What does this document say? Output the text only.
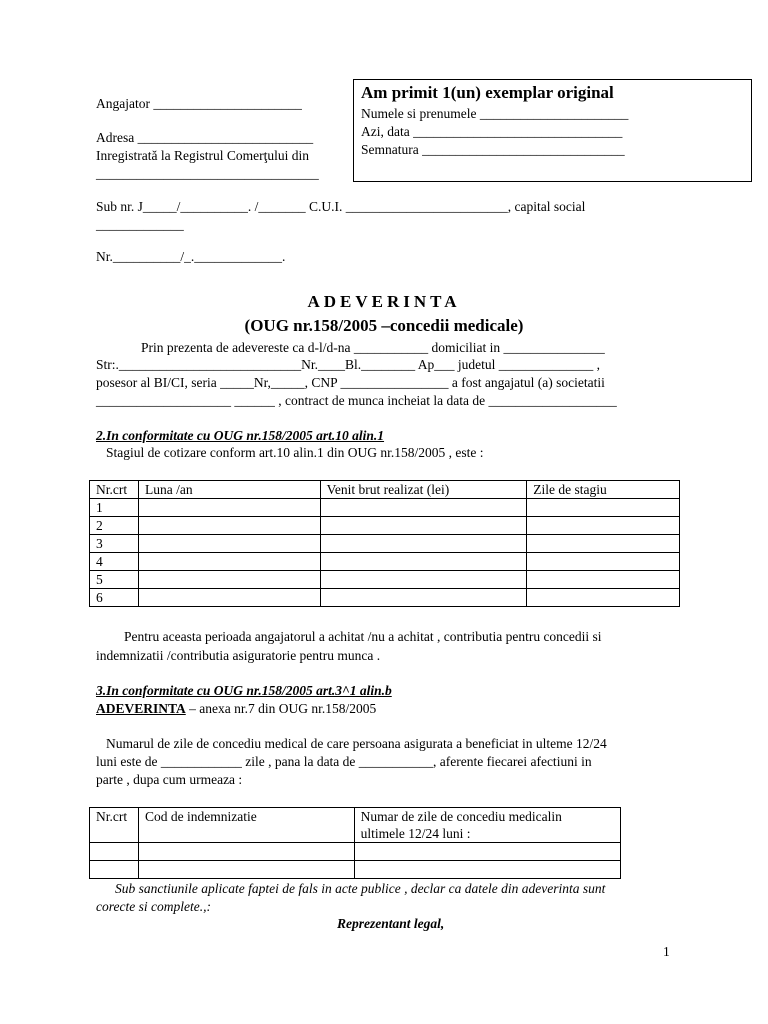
Angajator ______________________
Adresa __________________________
Inregistrată la Registrul Comerţului din
_________________________________
Am primit 1(un) exemplar original
Numele si prenumele ______________________
Azi, data _______________________________
Semnatura ______________________________
Sub nr. J_____/__________. /_______ C.U.I. ________________________, capital social
_____________
Nr.__________/_._____________.
ADEVERINTA
(OUG nr.158/2005 –concedii medicale)
Prin prezenta de adevereste ca d-l/d-na ___________ domiciliat in _______________
Str:.___________________________Nr.____Bl.________ Ap___ judetul ______________ ,
posesor al BI/CI, seria _____Nr,_____, CNP ________________ a fost angajatul (a) societatii
____________________ ______ , contract de munca incheiat la data de ___________________
2.In conformitate cu OUG nr.158/2005 art.10 alin.1
Stagiul de cotizare conform art.10 alin.1 din OUG nr.158/2005 , este :
Nr.crt	Luna /an	Venit brut realizat (lei)	Zile de stagiu
1			
2			
3			
4			
5			
6			
Pentru aceasta perioada angajatorul a achitat /nu a achitat , contributia pentru concedii si
indemnizatii /contributia asiguratorie pentru munca .
3.In conformitate cu OUG nr.158/2005 art.3^1 alin.b
ADEVERINTA – anexa nr.7 din OUG nr.158/2005
Numarul de zile de concediu medical de care persoana asigurata a beneficiat in ulteme 12/24
luni este de ____________ zile , pana la data de ___________, aferente fiecarei afectiuni in
parte , dupa cum urmeaza :
Nr.crt	Cod de indemnizatie	Numar de zile de concediu medicalin
ultimele 12/24 luni :

Sub sanctiunile aplicate faptei de fals in acte publice , declar ca datele din adeverinta sunt
corecte si complete.,:
Reprezentant legal,
1
